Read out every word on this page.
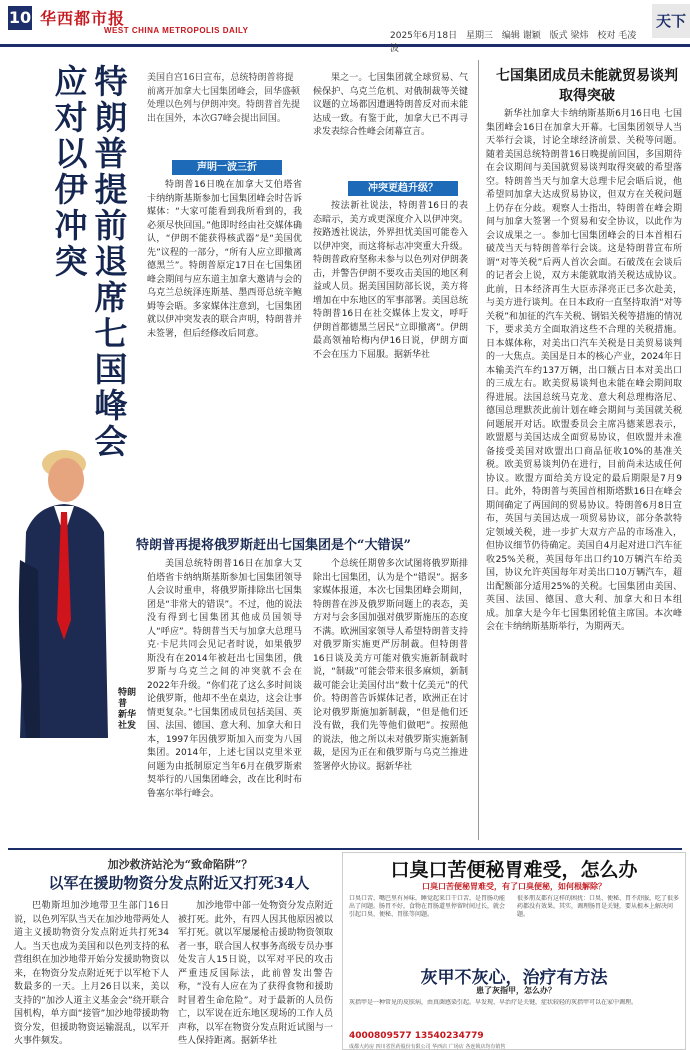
10 华西都市报
WEST CHINA METROPOLIS DAILY
2025年6月18日 星期三 编辑 谢颖 版式 梁炜 校对 毛凌波
天下
特朗普提前退席七国峰会
应对以伊冲突
美国自宫16日宣布，总统特朗普将提前离开加拿大七国集团峰会，回华盛顿处理以色列与伊朗冲突。特朗普首先提出在国外，本次G7峰会提出回国。
声明一波三折

特朗普16日晚在加拿大艾伯塔省卡纳纳斯基斯参加七国集团峰会时告诉媒体：“大家可能看到我所看到的，我必须尽快回国。”他即时经由社交媒体确认，“伊朗不能获得核武器”是“美国优先”议程的一部分，“所有人应立即撤离德黑兰”。特朗普原定17日在七国集团峰会期间与应东道主加拿大邀请与会的乌克兰总统泽连斯基、墨西哥总统辛鲍姆等会晤。多家媒体注意到，七国集团就以伊冲突发表的联合声明，特朗普并未签署，但后经修改后同意。

果之一。七国集团就全球贸易、气候保护、乌克兰危机、对俄制裁等关键议题的立场都因遭遇特朗普反对而未能达成一致。有鉴于此，加拿大已不再寻求发表综合性峰会闭幕宣言。

冲突更趋升级？

按法新社说法，特朗普16日的表态暗示，美方或更深度介入以伊冲突。按路透社说法，外界担忧美国可能卷入以伊冲突，而这将标志冲突重大升级。特朗普政府坚称未参与以色列对伊朗袭击，并警告伊朗不要攻击美国的地区利益或人员。据美国国防部长说，美方将增加在中东地区的军事部署。美国总统特朗普16日在社交媒体上发文，呼吁伊朗首都德黑兰居民“立即撤离”。伊朗最高领袖哈梅内伊16日说，伊朗方面不会在压力下屈服。据新华社

七国集团成员未能就贸易谈判取得突破

新华社加拿大卡纳纳斯基斯6月16日电 七国集团峰会16日在加拿大开幕。七国集团领导人当天举行会谈，讨论全球经济前景、关税等问题。随着美国总统特朗普16日晚提前回国，多国期待在会议期间与美国就贸易谈判取得突破的希望落空。特朗普当天与加拿大总理卡尼会晤后说，他希望同加拿大达成贸易协议，但双方在关税问题上仍存在分歧。观察人士指出，特朗普在峰会期间与加拿大签署一个贸易和安全协议，以此作为会议成果之一。参加七国集团峰会的日本首相石破茂当天与特朗普举行会谈。这是特朗普宣布所谓“对等关税”后两人首次会面。石破茂在会谈后的记者会上说，双方未能就取消关税达成协议。此前，日本经济再生大臣赤泽亮正已多次赴美，与美方进行谈判。在日本政府一直坚持取消“对等关税”和加征的汽车关税、钢铝关税等措施的情况下，要求美方全面取消这些不合理的关税措施。日本媒体称，对美出口汽车关税是日美贸易谈判的一大焦点。美国是日本的核心产业，2024年日本输美汽车约137万辆，出口额占日本对美出口的三成左右。欧美贸易谈判也未能在峰会期间取得进展。法国总统马克龙、意大利总理梅洛尼、德国总理默茨此前计划在峰会期间与美国就关税问题展开对话。欧盟委员会主席冯德莱恩表示，欧盟愿与美国达成全面贸易协议，但欧盟并未准备接受美国对欧盟出口商品征收10%的基准关税。欧美贸易谈判仍在进行，目前尚未达成任何协议。欧盟方面给美方设定的最后期限是7月9日。此外，特朗普与英国首相斯塔默16日在峰会期间确定了两国间的贸易协议。特朗普6月8日宣布，英国与美国达成一项贸易协议，部分条款特定领域关税，进一步扩大双方产品的市场准入，但协议细节仍待确定。美国自4月起对进口汽车征收25%关税，英国每年出口约10万辆汽车给美国，协议允许英国每年对美出口10万辆汽车，超出配额部分适用25%的关税。七国集团由美国、英国、法国、德国、意大利、加拿大和日本组成。加拿大是今年七国集团轮值主席国。本次峰会在卡纳纳斯基斯举行，为期两天。

特朗普 新华社发
特朗普再提将俄罗斯赶出七国集团是个“大错误”

美国总统特朗普16日在加拿大艾伯塔省卡纳纳斯基斯参加七国集团领导人会议时重申，将俄罗斯排除出七国集团是“非常大的错误”。不过，他的说法没有得到七国集团其他成员国领导人“呼应”。特朗普当天与加拿大总理马克·卡尼共同会见记者时说，如果俄罗斯没有在2014年被赶出七国集团，俄罗斯与乌克兰之间的冲突就不会在2022年升级。“你们花了这么多时间谈论俄罗斯，他却不坐在桌边，这会让事情更复杂。”七国集团成员包括美国、英国、法国、德国、意大利、加拿大和日本，1997年因俄罗斯加入而变为八国集团。2014年，上述七国以克里米亚问题为由抵制原定当年6月在俄罗斯索契举行的八国集团峰会，改在比利时布鲁塞尔举行峰会。

个总统任期曾多次试图将俄罗斯排除出七国集团，认为是个“错误”。据多家媒体报道，本次七国集团峰会期间，特朗普在涉及俄罗斯问题上的表态，美方对与会多国加强对俄罗斯施压的态度不满。欧洲国家领导人希望特朗普支持对俄罗斯实施更严厉制裁。但特朗普16日谈及美方可能对俄实施新制裁时说，“制裁”可能会带来很多麻烦，新制裁可能会让美国付出“数十亿美元”的代价。特朗普告诉媒体记者，欧洲正在讨论对俄罗斯施加新制裁，“但是他们还没有做，我们先等他们做吧”。按照他的说法，他之所以未对俄罗斯实施新制裁，是因为正在和俄罗斯与乌克兰推进签署停火协议。据新华社

加沙救济站沦为“致命陷阱”？
以军在援助物资分发点附近又打死34人

巴勒斯坦加沙地带卫生部门16日说，以色列军队当天在加沙地带两处人道主义援助物资分发点附近共打死34人。当天也成为美国和以色列支持的私营组织在加沙地带开始分发援助物资以来，在物资分发点附近死于以军枪下人数最多的一天。上月26日以来，美以支持的“加沙人道主义基金会”绕开联合国机构，单方面“接管”加沙地带援助物资分发，但援助物资运输混乱，以军开火事件频发。

加沙地带中部一处物资分发点附近被打死。此外，有四人因其他原因被以军打死。就以军屡屡枪击援助物资领取者一事，联合国人权事务高级专员办事处发言人15日说，以军对平民的攻击严重违反国际法，此前曾发出警告称，“没有人应在为了获得食物和援助时冒着生命危险”。对于最新的人员伤亡，以军说在近东地区现场的工作人员声称，以军在物资分发点附近试图与一些人保持距离。据新华社

口臭口苦便秘胃难受，怎么办
口臭口苦便秘胃难受，有了口臭便秘，如何根解除？
口臭口苦、嘴巴里有异味，睡觉起来口干口苦，是胃肠功能出了问题。肠胃不好，食物在胃肠道里停留时间过长，就会引起口臭、便秘、胃胀等问题。
很多朋友都有这样的困扰：口臭、便秘、胃不舒服，吃了很多药都没有效果。其实，调理肠胃是关键，要从根本上解决问题。
灰甲不灰心，治疗有方法
患了灰指甲，怎么办？
灰指甲是一种常见的皮肤病，由真菌感染引起。早发现、早治疗是关键，症状较轻的灰指甲可以在家中调理。
4000809577 13540234779
成都大药房 四川省医药股份有限公司 华西店 广场店 各连锁店均有销售
